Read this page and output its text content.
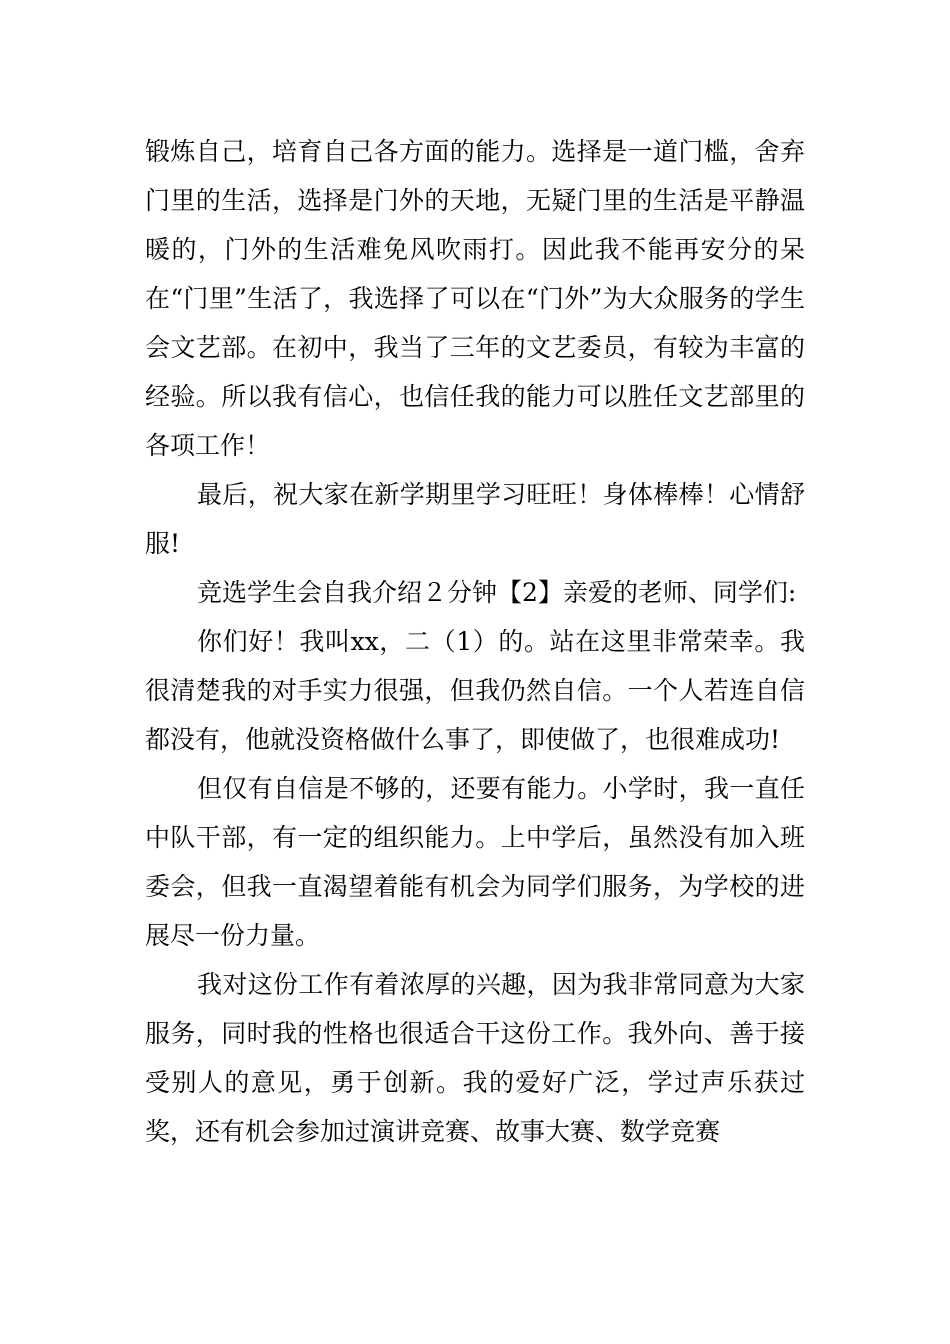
锻炼自己，培育自己各方面的能力。选择是一道门槛，舍弃门里的生活，选择是门外的天地，无疑门里的生活是平静温暖的，门外的生活难免风吹雨打。因此我不能再安分的呆在“门里”生活了，我选择了可以在“门外”为大众服务的学生会文艺部。在初中，我当了三年的文艺委员，有较为丰富的经验。所以我有信心，也信任我的能力可以胜任文艺部里的各项工作！

最后，祝大家在新学期里学习旺旺！身体棒棒！心情舒服!

竞选学生会自我介绍２分钟【2】亲爱的老师、同学们:

你们好！我叫xx，二（1）的。站在这里非常荣幸。我很清楚我的对手实力很强，但我仍然自信。一个人若连自信都没有，他就没资格做什么事了，即使做了，也很难成功!

但仅有自信是不够的，还要有能力。小学时，我一直任中队干部，有一定的组织能力。上中学后，虽然没有加入班委会，但我一直渴望着能有机会为同学们服务，为学校的进展尽一份力量。

我对这份工作有着浓厚的兴趣，因为我非常同意为大家服务，同时我的性格也很适合干这份工作。我外向、善于接受别人的意见，勇于创新。我的爱好广泛，学过声乐获过奖，还有机会参加过演讲竞赛、故事大赛、数学竞赛
